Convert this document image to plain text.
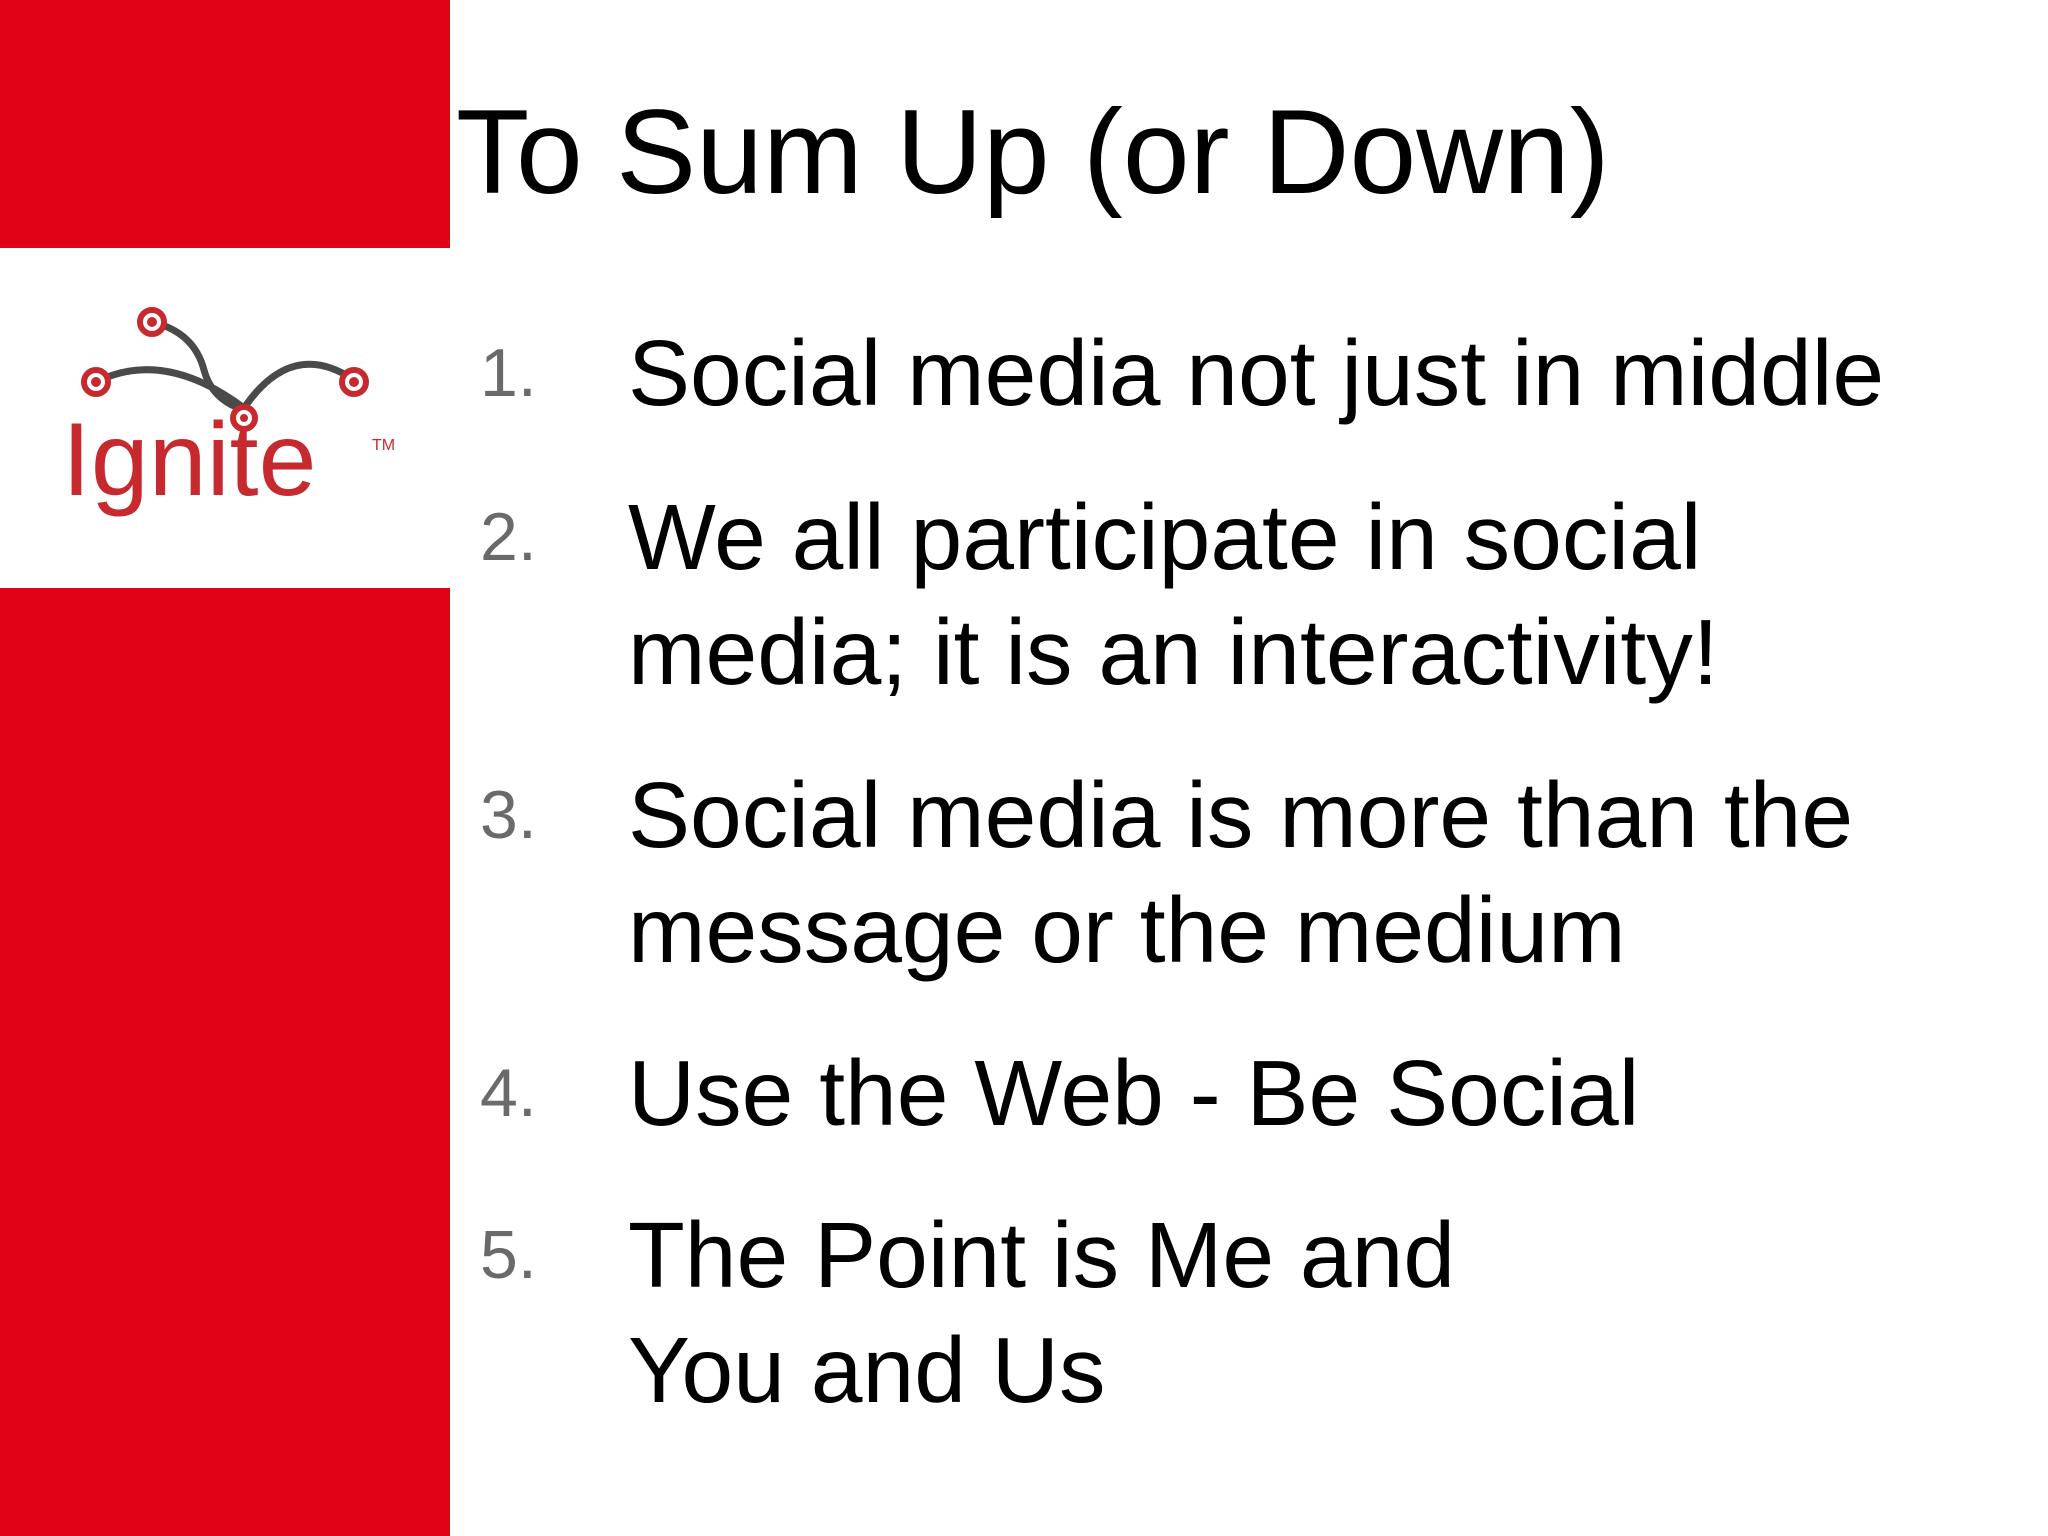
Ignite	TM
To Sum Up (or Down)
1. Social media not just in middle
2. We all participate in social
media; it is an interactivity!
3. Social media is more than the
message or the medium
4. Use the Web - Be Social
5. The Point is Me and
You and Us
